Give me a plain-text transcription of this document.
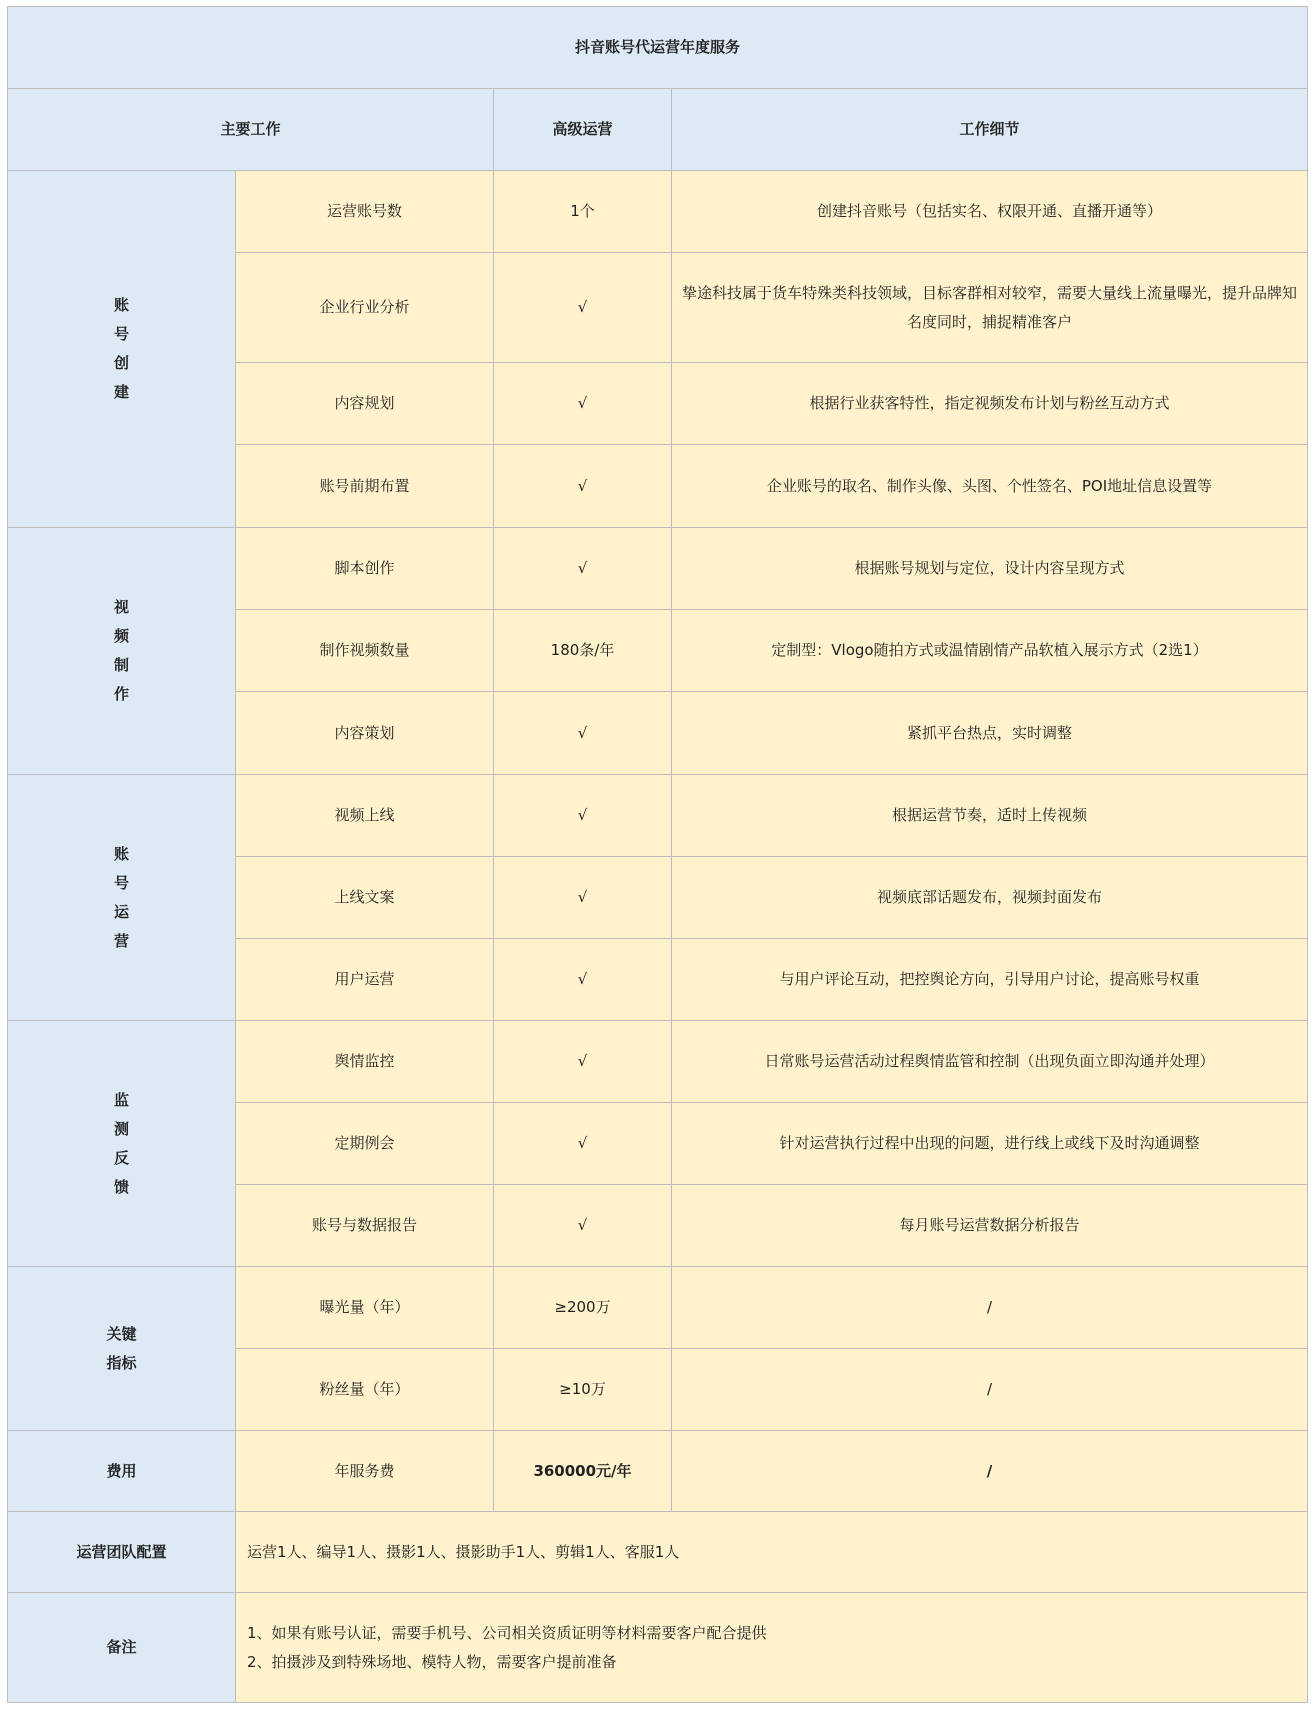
抖音账号代运营年度服务			
主要工作		高级运营	工作细节
账号创建	运营账号数	1个	创建抖音账号（包括实名、权限开通、直播开通等）
	企业行业分析	√	挚途科技属于货车特殊类科技领域，目标客群相对较窄，需要大量线上流量曝光，提升品牌知名度同时，捕捉精准客户
	内容规划	√	根据行业获客特性，指定视频发布计划与粉丝互动方式
	账号前期布置	√	企业账号的取名、制作头像、头图、个性签名、POI地址信息设置等
视频制作	脚本创作	√	根据账号规划与定位，设计内容呈现方式
	制作视频数量	180条/年	定制型：Vlogo随拍方式或温情剧情产品软植入展示方式（2选1）
	内容策划	√	紧抓平台热点，实时调整
账号运营	视频上线	√	根据运营节奏，适时上传视频
	上线文案	√	视频底部话题发布，视频封面发布
	用户运营	√	与用户评论互动，把控舆论方向，引导用户讨论，提高账号权重
监测反馈	舆情监控	√	日常账号运营活动过程舆情监管和控制（出现负面立即沟通并处理）
	定期例会	√	针对运营执行过程中出现的问题，进行线上或线下及时沟通调整
	账号与数据报告	√	每月账号运营数据分析报告
关键指标	曝光量（年）	≥200万	/
	粉丝量（年）	≥10万	/
费用	年服务费	360000元/年	/
运营团队配置	运营1人、编导1人、摄影1人、摄影助手1人、剪辑1人、客服1人		
备注	1、如果有账号认证，需要手机号、公司相关资质证明等材料需要客户配合提供
2、拍摄涉及到特殊场地、模特人物，需要客户提前准备		
